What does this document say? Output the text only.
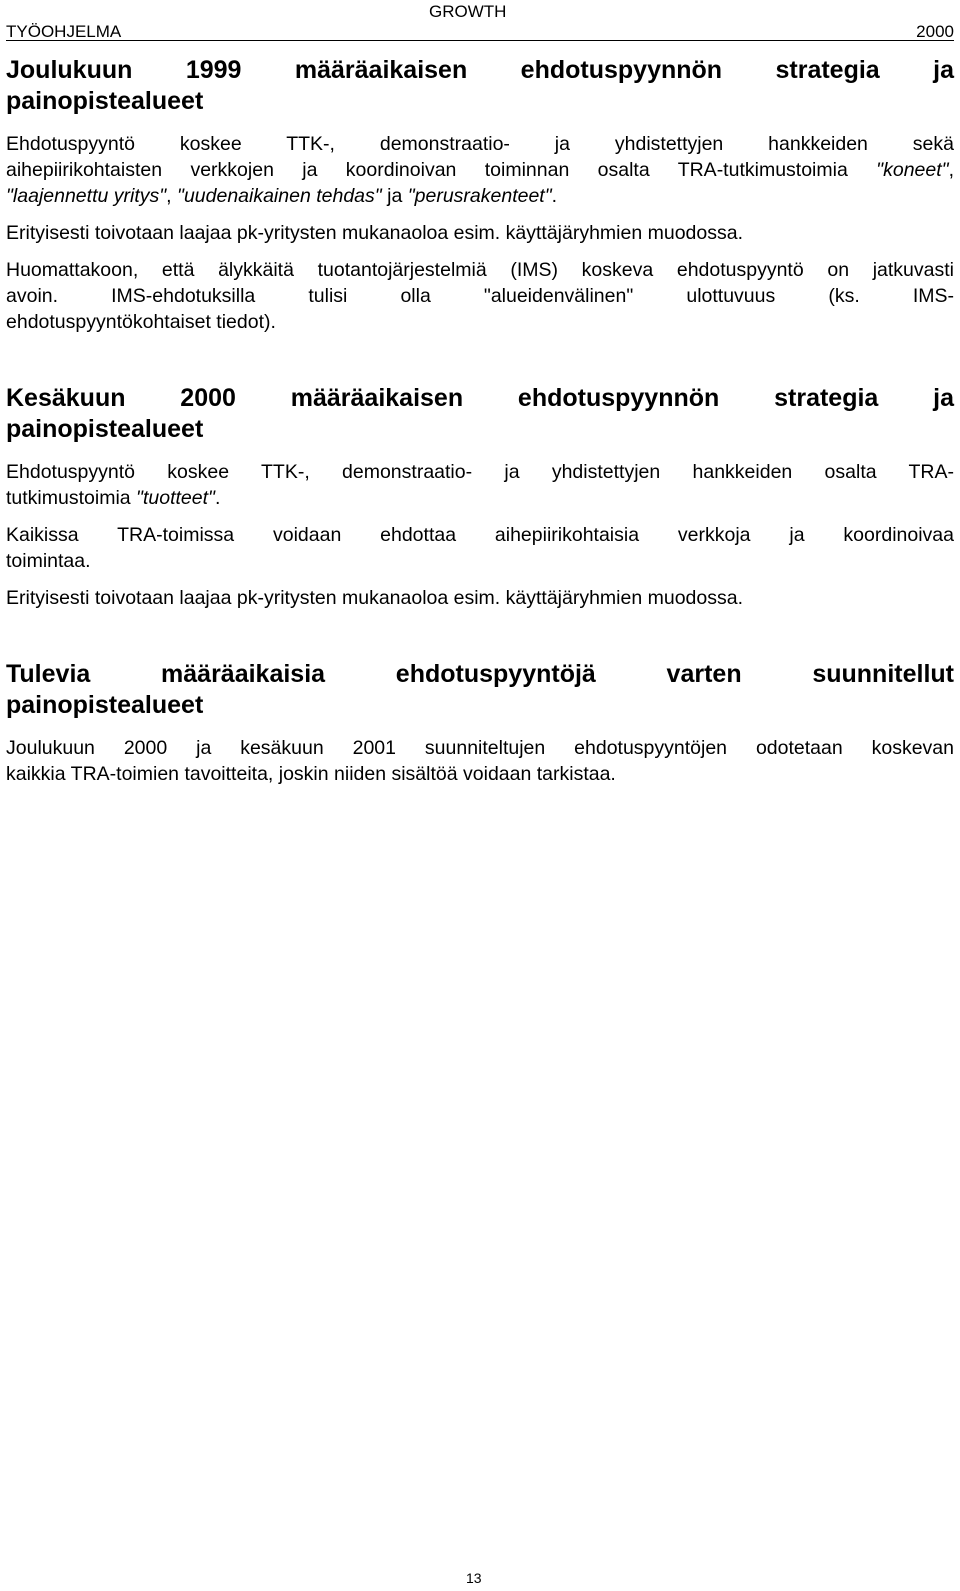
TYÖOHJELMA
GROWTH
2000
Joulukuun 1999 määräaikaisen ehdotuspyynnön strategia ja
painopistealueet

Ehdotuspyyntö koskee TTK-, demonstraatio- ja yhdistettyjen hankkeiden sekä
aihepiirikohtaisten verkkojen ja koordinoivan toiminnan osalta TRA-tutkimustoimia "koneet",
"laajennettu yritys", "uudenaikainen tehdas" ja "perusrakenteet".

Erityisesti toivotaan laajaa pk-yritysten mukanaoloa esim. käyttäjäryhmien muodossa.

Huomattakoon, että älykkäitä tuotantojärjestelmiä (IMS) koskeva ehdotuspyyntö on jatkuvasti
avoin. IMS-ehdotuksilla tulisi olla "alueidenvälinen" ulottuvuus (ks. IMS-
ehdotuspyyntökohtaiset tiedot).

Kesäkuun 2000 määräaikaisen ehdotuspyynnön strategia ja
painopistealueet

Ehdotuspyyntö koskee TTK-, demonstraatio- ja yhdistettyjen hankkeiden osalta TRA-
tutkimustoimia "tuotteet".

Kaikissa TRA-toimissa voidaan ehdottaa aihepiirikohtaisia verkkoja ja koordinoivaa
toimintaa.

Erityisesti toivotaan laajaa pk-yritysten mukanaoloa esim. käyttäjäryhmien muodossa.

Tulevia määräaikaisia ehdotuspyyntöjä varten suunnitellut
painopistealueet

Joulukuun 2000 ja kesäkuun 2001 suunniteltujen ehdotuspyyntöjen odotetaan koskevan
kaikkia TRA-toimien tavoitteita, joskin niiden sisältöä voidaan tarkistaa.

13
